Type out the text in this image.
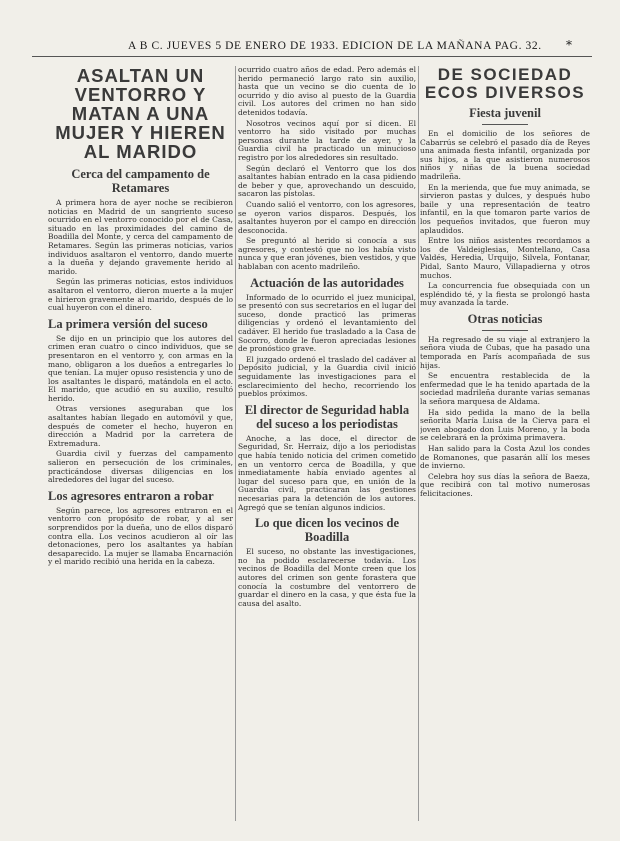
A B C. JUEVES 5 DE ENERO DE 1933. EDICION DE LA MAÑANA PAG. 32. *
ASALTAN UN VENTORRO Y MATAN A UNA MUJER Y HIEREN AL MARIDO
Cerca del campamento de Retamares

A primera hora de ayer noche se recibieron noticias en Madrid de un sangriento suceso ocurrido en el ventorro conocido por el de Casa, situado en las proximidades del camino de Boadilla del Monte, y cerca del campamento de Retamares. Según las primeras noticias, varios individuos asaltaron el ventorro, dando muerte a la dueña y dejando gravemente herido al marido.

Según las primeras noticias, estos individuos asaltaron el ventorro, dieron muerte a la mujer e hirieron gravemente al marido, después de lo cual huyeron con el dinero.

La primera versión del suceso

Se dijo en un principio que los autores del crimen eran cuatro o cinco individuos, que se presentaron en el ventorro y, con armas en la mano, obligaron a los dueños a entregarles lo que tenían. La mujer opuso resistencia y uno de los asaltantes le disparó, matándola en el acto. El marido, que acudió en su auxilio, resultó herido.

Otras versiones aseguraban que los asaltantes habían llegado en automóvil y que, después de cometer el hecho, huyeron en dirección a Madrid por la carretera de Extremadura.

Guardia civil y fuerzas del campamento salieron en persecución de los criminales, practicándose diversas diligencias en los alrededores del lugar del suceso.

Los agresores entraron a robar

Según parece, los agresores entraron en el ventorro con propósito de robar, y al ser sorprendidos por la dueña, uno de ellos disparó contra ella. Los vecinos acudieron al oír las detonaciones, pero los asaltantes ya habían desaparecido. La mujer se llamaba Encarnación y el marido recibió una herida en la cabeza.

ocurrido cuatro años de edad. Pero además el herido permaneció largo rato sin auxilio, hasta que un vecino se dio cuenta de lo ocurrido y dio aviso al puesto de la Guardia civil. Los autores del crimen no han sido detenidos todavía.

Nosotros vecinos aquí por sí dicen. El ventorro ha sido visitado por muchas personas durante la tarde de ayer, y la Guardia civil ha practicado un minucioso registro por los alrededores sin resultado.

Según declaró el Ventorro que los dos asaltantes habían entrado en la casa pidiendo de beber y que, aprovechando un descuido, sacaron las pistolas.

Cuando salió el ventorro, con los agresores, se oyeron varios disparos. Después, los asaltantes huyeron por el campo en dirección desconocida.

Se preguntó al herido si conocía a sus agresores, y contestó que no los había visto nunca y que eran jóvenes, bien vestidos, y que hablaban con acento madrileño.

Actuación de las autoridades

Informado de lo ocurrido el juez municipal, se presentó con sus secretarios en el lugar del suceso, donde practicó las primeras diligencias y ordenó el levantamiento del cadáver. El herido fue trasladado a la Casa de Socorro, donde le fueron apreciadas lesiones de pronóstico grave.

El juzgado ordenó el traslado del cadáver al Depósito judicial, y la Guardia civil inició seguidamente las investigaciones para el esclarecimiento del hecho, recorriendo los pueblos próximos.

El director de Seguridad habla del suceso a los periodistas

Anoche, a las doce, el director de Seguridad, Sr. Herraiz, dijo a los periodistas que había tenido noticia del crimen cometido en un ventorro cerca de Boadilla, y que inmediatamente había enviado agentes al lugar del suceso para que, en unión de la Guardia civil, practicaran las gestiones necesarias para la detención de los autores. Agregó que se tenían algunos indicios.

Lo que dicen los vecinos de Boadilla

El suceso, no obstante las investigaciones, no ha podido esclarecerse todavía. Los vecinos de Boadilla del Monte creen que los autores del crimen son gente forastera que conocía la costumbre del ventorrero de guardar el dinero en la casa, y que ésta fue la causa del asalto.

DE SOCIEDAD ECOS DIVERSOS
Fiesta juvenil

En el domicilio de los señores de Cabarrús se celebró el pasado día de Reyes una animada fiesta infantil, organizada por sus hijos, a la que asistieron numerosos niños y niñas de la buena sociedad madrileña.

En la merienda, que fue muy animada, se sirvieron pastas y dulces, y después hubo baile y una representación de teatro infantil, en la que tomaron parte varios de los pequeños invitados, que fueron muy aplaudidos.

Entre los niños asistentes recordamos a los de Valdeiglesias, Montellano, Casa Valdés, Heredia, Urquijo, Silvela, Fontanar, Pidal, Santo Mauro, Villapadierna y otros muchos.

La concurrencia fue obsequiada con un espléndido té, y la fiesta se prolongó hasta muy avanzada la tarde.

Otras noticias

Ha regresado de su viaje al extranjero la señora viuda de Cubas, que ha pasado una temporada en París acompañada de sus hijas.

Se encuentra restablecida de la enfermedad que le ha tenido apartada de la sociedad madrileña durante varias semanas la señora marquesa de Aldama.

Ha sido pedida la mano de la bella señorita María Luisa de la Cierva para el joven abogado don Luis Moreno, y la boda se celebrará en la próxima primavera.

Han salido para la Costa Azul los condes de Romanones, que pasarán allí los meses de invierno.

Celebra hoy sus días la señora de Baeza, que recibirá con tal motivo numerosas felicitaciones.
